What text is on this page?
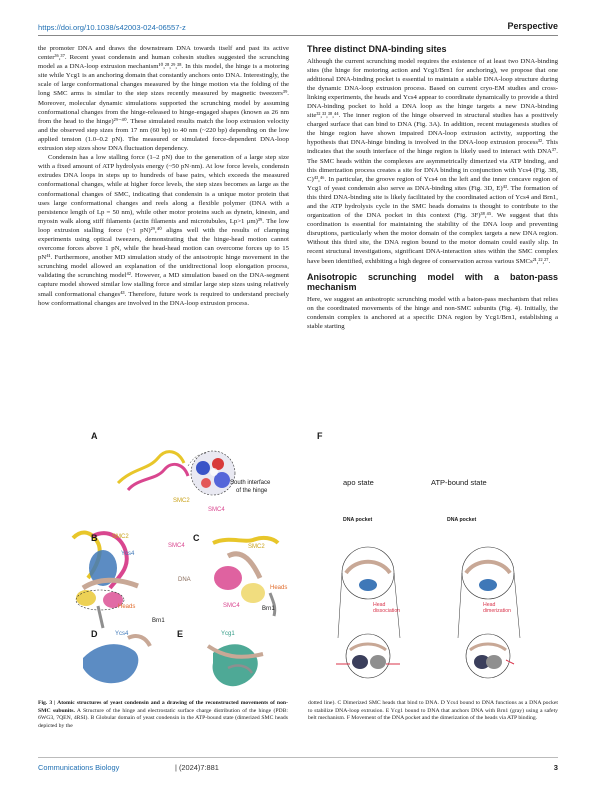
https://doi.org/10.1038/s42003-024-06557-z	Perspective

the promoter DNA and draws the downstream DNA towards itself and past its active center³⁶,³⁷. Recent yeast condensin and human cohesin studies suggested the scrunching model as a DNA-loop extrusion mechanism¹⁰,²⁸,²⁹,³⁸. In this model, the hinge is a motoring site while Ycg1 is an anchoring domain that constantly anchors onto DNA. Interestingly, the scale of large conformational changes measured by the hinge motion via the folding of the long SMC arms is similar to the step sizes recently measured by magnetic tweezers³⁹. Moreover, molecular dynamic simulations supported the scrunching model by assuming conformational changes from the hinge-released to hinge-engaged shapes (known as 26 nm from the head to the hinge)²⁹⁻⁴⁰. These simulated results match the loop extrusion velocity and the observed step sizes from 17 nm (60 bp) to 40 nm (~220 bp) depending on the low applied tension (1.0–0.2 pN). The measured or simulated force-dependent DNA-loop extrusion step sizes show DNA fluctuation dependency.

Condensin has a low stalling force (1–2 pN) due to the generation of a large step size with a fixed amount of ATP hydrolysis energy (~50 pN·nm). At low force levels, condensin extrudes DNA loops in steps up to hundreds of base pairs, which exceeds the measured conformational changes, while at higher force levels, the step sizes becomes as large as the conformational changes of SMC, indicating that condensin is a unique motor protein that uses large conformational changes and reels along a flexible polymer (DNA with a persistence length of Lp = 50 nm), while other motor proteins such as dynein, kinesin, and myosin walk along stiff filaments (actin filaments and microtubules, Lp>1 μm)³⁹. The low loop extrusion stalling force (~1 pN)²⁹,⁴⁰ aligns well with the results of clamping experiments using optical tweezers, demonstrating that the hinge-head motion cannot overcome forces above 1 pN, while the head-head motion can overcome forces up to 15 pN⁴¹. Furthermore, another MD simulation study of the anisotropic hinge movement in the scrunching model allowed an explanation of the unidirectional loop elongation process, validating the scrunching model⁴². However, a MD simulation based on the DNA-segment capture model showed similar low stalling force and similar large step sizes using relatively small conformational changes⁴³. Therefore, future work is required to understand precisely how conformational changes are involved in the DNA-loop extrusion process.

Three distinct DNA-binding sites

Although the current scrunching model requires the existence of at least two DNA-binding sites (the hinge for motoring action and Ycg1/Brn1 for anchoring), we propose that one additional DNA-binding pocket is essential to maintain a stable DNA-loop structure during the dynamic DNA-loop extrusion process. Based on current cryo-EM studies and cross-linking experiments, the heads and Ycs4 appear to coordinate dynamically to provide a third DNA-binding pocket to hold a DNA loop as the hinge targets a new DNA-binding site³²,³³,³⁸,⁴⁴. The inner region of the hinge observed in structural studies has a positively charged surface that can bind to DNA (Fig. 3A). In addition, recent mutagenesis studies of the hinge region have shown impaired DNA-loop extrusion activity, supporting the hypothesis that DNA-hinge binding is involved in the DNA-loop extrusion process³². This indicates that the south interface of the hinge region is likely used to interact with DNA³⁷. The SMC heads within the complexes are asymmetrically dimerized via ATP binding, and this dimerization process creates a site for DNA binding in conjunction with Ycs4 (Fig. 3B, C)⁴³,⁴⁶. In particular, the groove region of Ycs4 on the left and the inner concave region of Ycg1 of yeast condensin also serve as DNA-binding sites (Fig. 3D, E)⁴³. The formation of this third DNA-binding site is likely facilitated by the coordinated action of Ycs4 and Brn1, and the ATP hydrolysis cycle in the SMC heads domains is thought to contribute to the organization of the DNA pocket in this context (Fig. 3F)³⁸,⁴⁵. We suggest that this coordination is essential for maintaining the stability of the DNA loop and preventing disruptions, particularly when the motor domain of the complex targets a new DNA region. Without this third site, the DNA region bound to the motor domain could easily slip. In recent structural investigations, significant DNA-interaction sites within the SMC complex have been identified, exhibiting a high degree of conservation across various SMCs²¹,²²,²⁷.

Anisotropic scrunching model with a baton-pass mechanism

Here, we suggest an anisotropic scrunching model with a baton-pass mechanism that relies on the coordinated movements of the hinge and non-SMC subunits (Fig. 4). Initially, the condensin complex is anchored at a specific DNA region by Ycg1/Brn1, establishing a stable starting

A
B	C
D	E
F
SMC2
SMC4
South interface
of the hinge
SMC2
Ycs4
SMC4
DNA
Heads
Brn1
SMC2
Heads
SMC4	Brn1
Ycs4	Ycg1
apo state	ATP-bound state
DNA pocket	DNA pocket
Head
dissociation
Head
dimerization
Fig. 3 | Atomic structures of yeast condensin and a drawing of the reconstructed movements of non-SMC subunits. A Structure of the hinge and electrostatic surface charge distribution of the hinge (PDB: 6WG3, 7QEN, 4RSI). B Globular domain of yeast condensin in the ATP-bound state (dimerized SMC heads depicted by the
dotted line). C Dimerized SMC heads that bind to DNA. D Ycs4 bound to DNA functions as a DNA pocket to stabilize DNA-loop extrusion. E Ycg1 bound to DNA that anchors DNA with Brn1 (gray) using a safety belt mechanism. F Movement of the DNA pocket and the dimerization of the heads via ATP binding.
Communications Biology	| (2024)7:881	3
